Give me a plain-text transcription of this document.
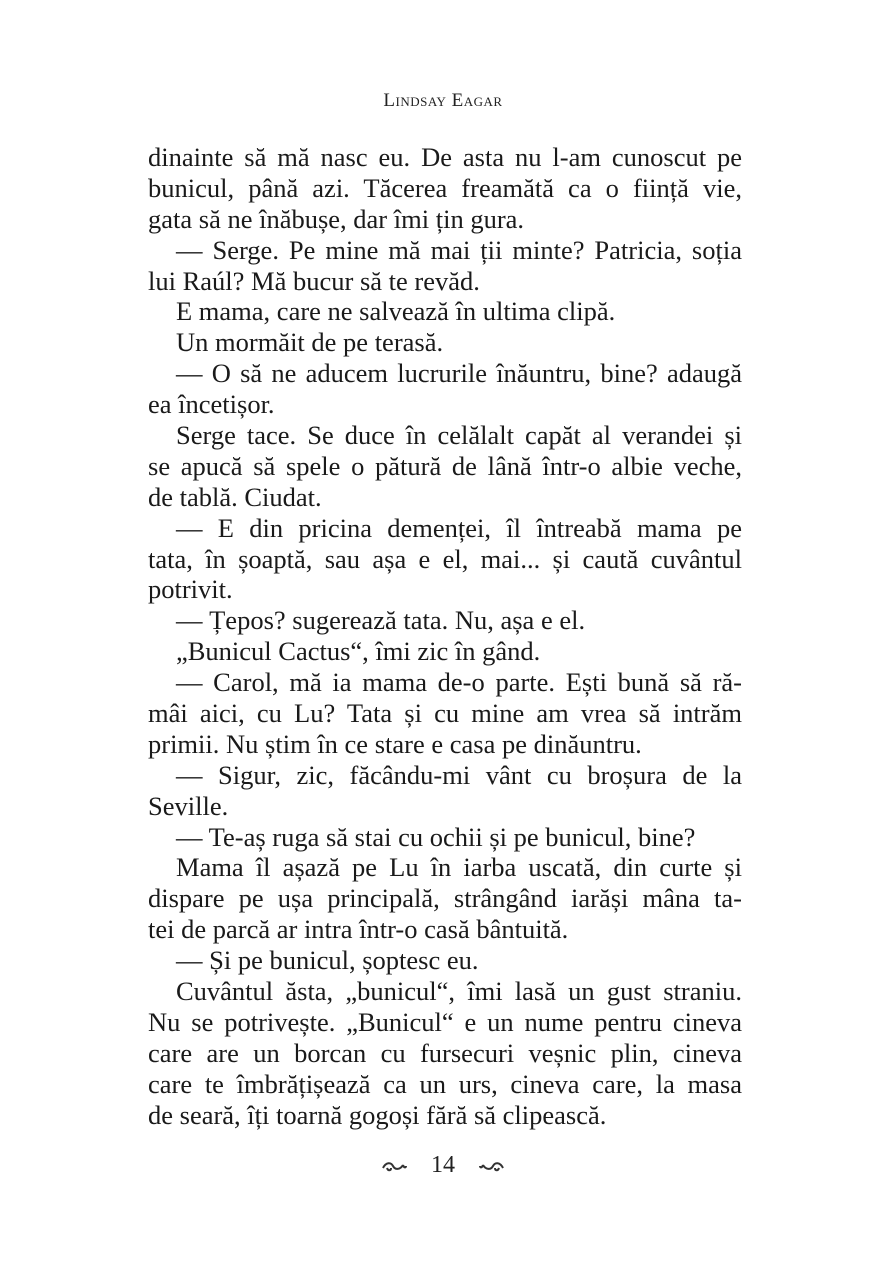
Lindsay Eagar
dinainte să mă nasc eu. De asta nu l-am cunoscut pe
bunicul, până azi. Tăcerea freamătă ca o ființă vie,
gata să ne înăbușe, dar îmi țin gura.
— Serge. Pe mine mă mai ții minte? Patricia, soția
lui Raúl? Mă bucur să te revăd.
E mama, care ne salvează în ultima clipă.
Un mormăit de pe terasă.
— O să ne aducem lucrurile înăuntru, bine? adaugă
ea încetișor.
Serge tace. Se duce în celălalt capăt al verandei și
se apucă să spele o pătură de lână într-o albie veche,
de tablă. Ciudat.
— E din pricina demenței, îl întreabă mama pe
tata, în șoaptă, sau așa e el, mai... și caută cuvântul
potrivit.
— Țepos? sugerează tata. Nu, așa e el.
„Bunicul Cactus“, îmi zic în gând.
— Carol, mă ia mama de-o parte. Ești bună să ră-
mâi aici, cu Lu? Tata și cu mine am vrea să intrăm
primii. Nu știm în ce stare e casa pe dinăuntru.
— Sigur, zic, făcându-mi vânt cu broșura de la
Seville.
— Te-aș ruga să stai cu ochii și pe bunicul, bine?
Mama îl așază pe Lu în iarba uscată, din curte și
dispare pe ușa principală, strângând iarăși mâna ta-
tei de parcă ar intra într-o casă bântuită.
— Și pe bunicul, șoptesc eu.
Cuvântul ăsta, „bunicul“, îmi lasă un gust straniu.
Nu se potrivește. „Bunicul“ e un nume pentru cineva
care are un borcan cu fursecuri veșnic plin, cineva
care te îmbrățișează ca un urs, cineva care, la masa
de seară, îți toarnă gogoși fără să clipească.
14
